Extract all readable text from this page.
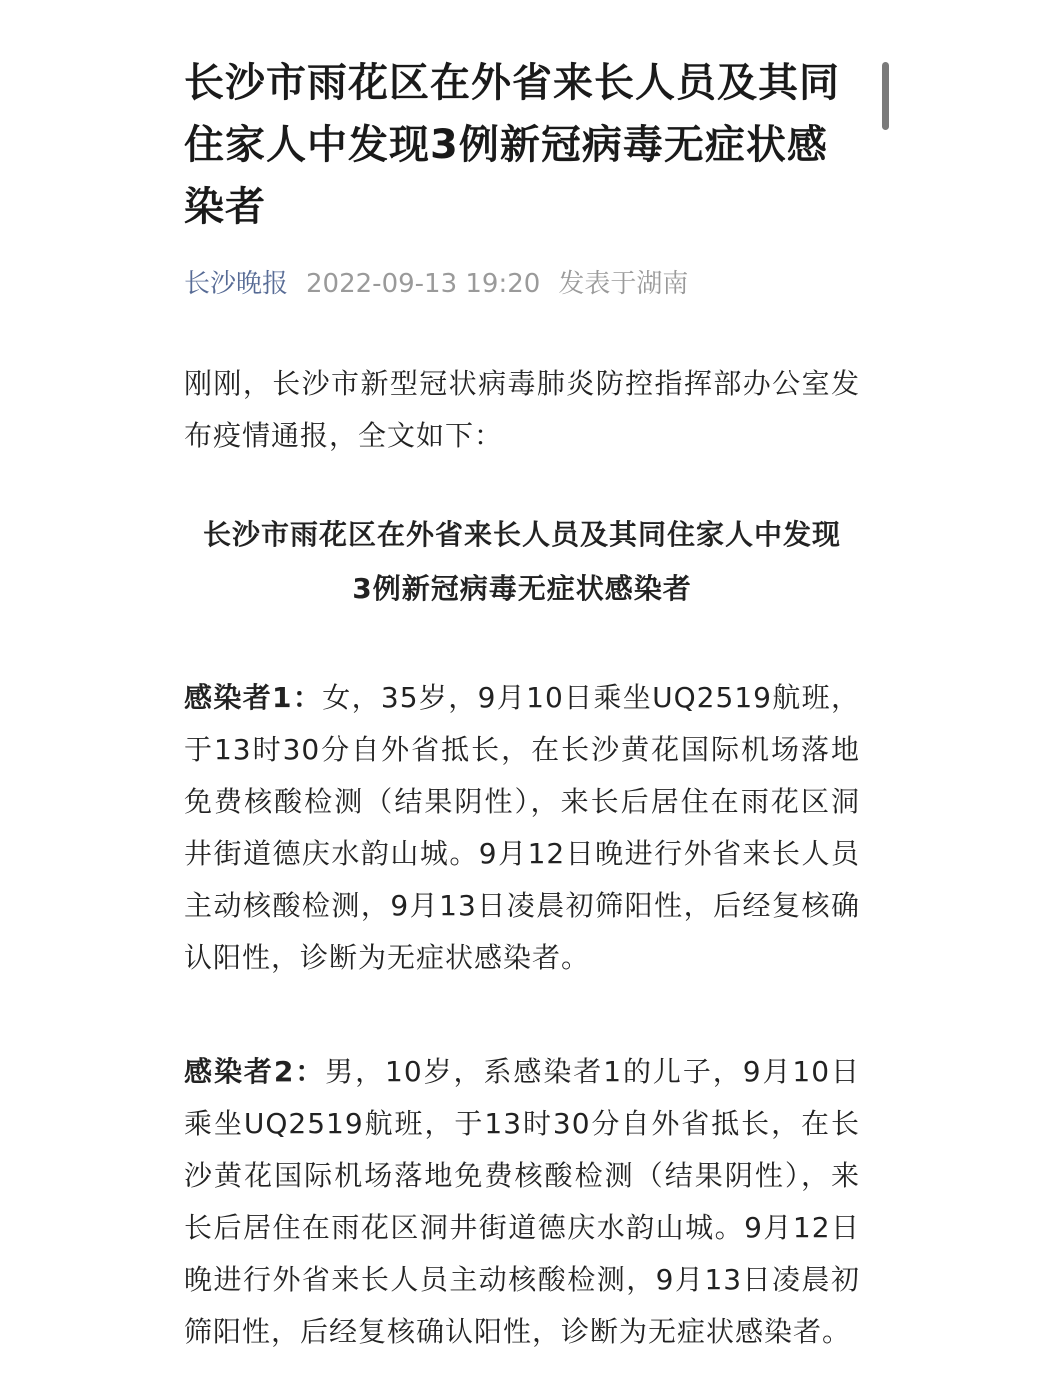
长沙市雨花区在外省来长人员及其同住家人中发现3例新冠病毒无症状感染者
长沙晚报 2022-09-13 19:20 发表于湖南

刚刚，长沙市新型冠状病毒肺炎防控指挥部办公室发布疫情通报，全文如下：

长沙市雨花区在外省来长人员及其同住家人中发现
3例新冠病毒无症状感染者

感染者1：女，35岁，9月10日乘坐UQ2519航班，于13时30分自外省抵长，在长沙黄花国际机场落地免费核酸检测（结果阴性），来长后居住在雨花区洞井街道德庆水韵山城。9月12日晚进行外省来长人员主动核酸检测，9月13日凌晨初筛阳性，后经复核确认阳性，诊断为无症状感染者。

感染者2：男，10岁，系感染者1的儿子，9月10日乘坐UQ2519航班，于13时30分自外省抵长，在长沙黄花国际机场落地免费核酸检测（结果阴性），来长后居住在雨花区洞井街道德庆水韵山城。9月12日晚进行外省来长人员主动核酸检测，9月13日凌晨初筛阳性，后经复核确认阳性，诊断为无症状感染者。
